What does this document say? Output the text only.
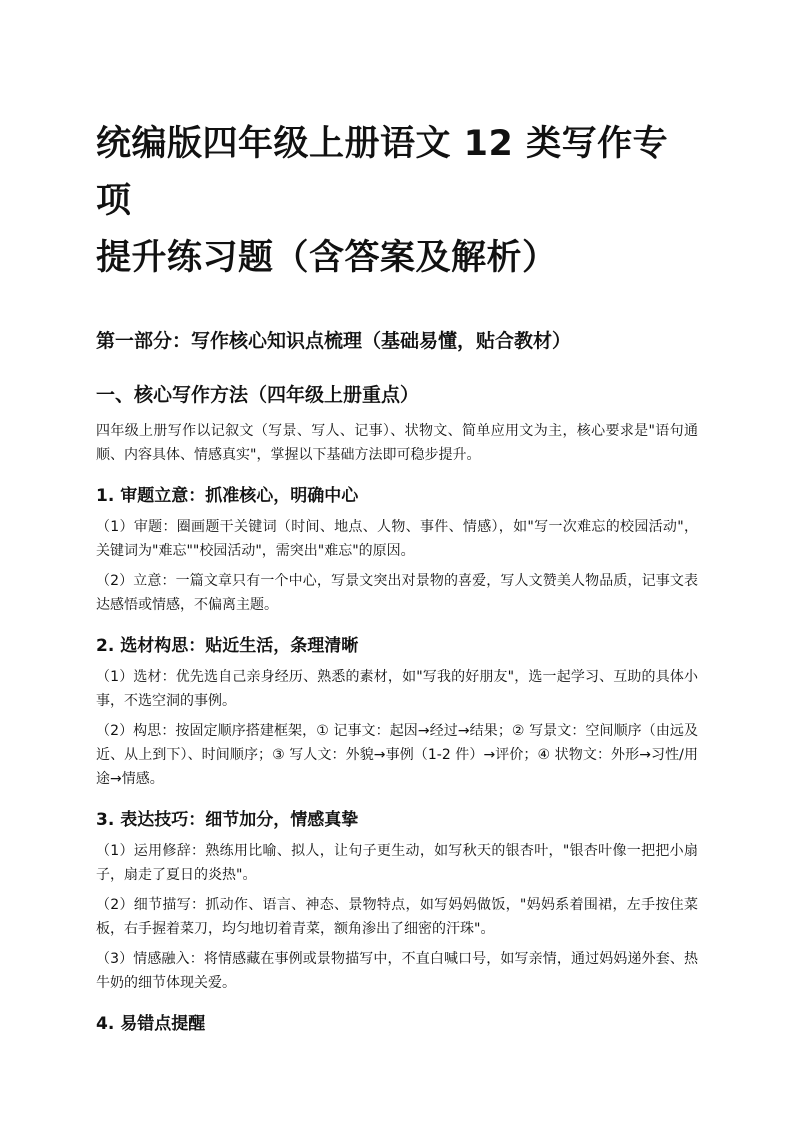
统编版四年级上册语文 12 类写作专项
提升练习题（含答案及解析）
第一部分：写作核心知识点梳理（基础易懂，贴合教材）
一、核心写作方法（四年级上册重点）

四年级上册写作以记叙文（写景、写人、记事）、状物文、简单应用文为主，核心要求是"语句通顺、内容具体、情感真实"，掌握以下基础方法即可稳步提升。

1. 审题立意：抓准核心，明确中心

（1）审题：圈画题干关键词（时间、地点、人物、事件、情感），如"写一次难忘的校园活动"，关键词为"难忘""校园活动"，需突出"难忘"的原因。

（2）立意：一篇文章只有一个中心，写景文突出对景物的喜爱，写人文赞美人物品质，记事文表达感悟或情感，不偏离主题。

2. 选材构思：贴近生活，条理清晰

（1）选材：优先选自己亲身经历、熟悉的素材，如"写我的好朋友"，选一起学习、互助的具体小事，不选空洞的事例。

（2）构思：按固定顺序搭建框架，① 记事文：起因→经过→结果；② 写景文：空间顺序（由远及近、从上到下）、时间顺序；③ 写人文：外貌→事例（1-2 件）→评价；④ 状物文：外形→习性/用途→情感。

3. 表达技巧：细节加分，情感真挚

（1）运用修辞：熟练用比喻、拟人，让句子更生动，如写秋天的银杏叶，"银杏叶像一把把小扇子，扇走了夏日的炎热"。

（2）细节描写：抓动作、语言、神态、景物特点，如写妈妈做饭，"妈妈系着围裙，左手按住菜板，右手握着菜刀，均匀地切着青菜，额角渗出了细密的汗珠"。

（3）情感融入：将情感藏在事例或景物描写中，不直白喊口号，如写亲情，通过妈妈递外套、热牛奶的细节体现关爱。

4. 易错点提醒
